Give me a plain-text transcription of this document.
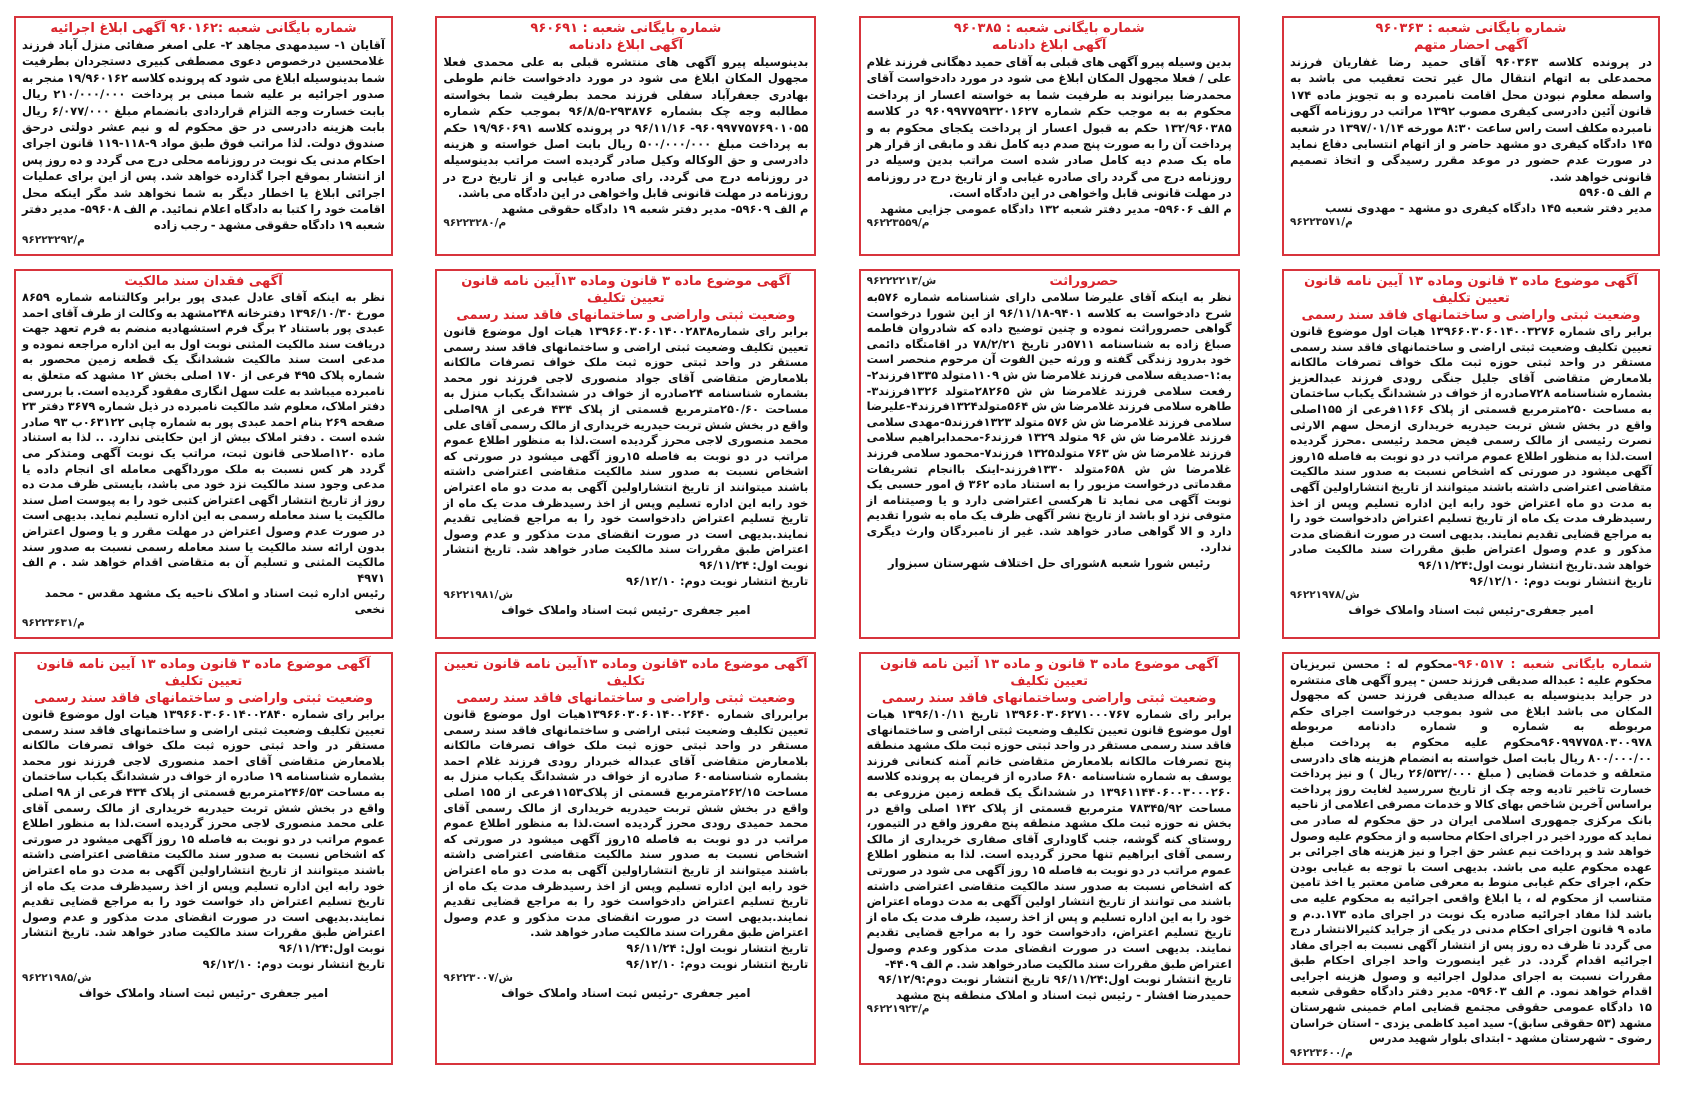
شماره بایگانی شعبه : ۹۶۰۳۶۳
آگهی احضار متهم

در پرونده کلاسه ۹۶۰۳۶۳ آقای حمید رضا غفاریان فرزند محمدعلی به اتهام انتقال مال غیر تحت تعقیب می باشد به واسطه معلوم نبودن محل اقامت نامبرده و به تجویز ماده ۱۷۴ قانون آئین دادرسی کیفری مصوب ۱۳۹۲ مراتب در روزنامه آگهی نامبرده مکلف است راس ساعت ۸:۳۰ مورخه ۱۳۹۷/۰۱/۱۴ در شعبه ۱۴۵ دادگاه کیفری دو مشهد حاضر و از اتهام انتسابی دفاع نماید در صورت عدم حضور در موعد مقرر رسیدگی و اتخاذ تصمیم قانونی خواهد شد.

م الف ۵۹۶۰۵
مدیر دفتر شعبه ۱۴۵ دادگاه کیفری دو مشهد - مهدوی نسب
م/۹۶۲۲۳۵۷۱
شماره بایگانی شعبه : ۹۶۰۳۸۵
آگهی ابلاغ دادنامه

بدین وسیله پیرو آگهی های قبلی به آقای حمید دهگانی فرزند غلام علی / فعلا مجهول المکان ابلاغ می شود در مورد دادخواست آقای محمدرضا بیرانوند به طرفیت شما به خواسته اعسار از پرداخت محکوم به به موجب حکم شماره ۹۶۰۹۹۷۷۵۹۳۲۰۱۶۲۷ در کلاسه ۱۳۲/۹۶۰۳۸۵ حکم به قبول اعسار از پرداخت یکجای محکوم به و پرداخت آن را به صورت پنج صدم دیه کامل نقد و مابقی از قرار هر ماه یک صدم دیه کامل صادر شده است مراتب بدین وسیله در روزنامه درج می گردد رای صادره غیابی و از تاریخ درج در روزنامه در مهلت قانونی قابل واخواهی در این دادگاه است.

م الف ۵۹۶۰۶- مدیر دفتر شعبه ۱۳۲ دادگاه عمومی جزایی مشهد
م/۹۶۲۲۳۵۵۹
شماره بایگانی شعبه : ۹۶۰۶۹۱
آگهی ابلاغ دادنامه

بدینوسیله پیرو آگهی های منتشره قبلی به علی محمدی فعلا مجهول المکان ابلاغ می شود در مورد دادخواست خانم طوطی بهادری جعفرآباد سفلی فرزند محمد بطرفیت شما بخواسته مطالبه وجه چک بشماره ۲۹۳۸۷۶-۹۶/۸/۵ بموجب حکم شماره ۹۶۰۹۹۷۷۵۷۶۹۰۱۰۵۵- ۹۶/۱۱/۱۶ در پرونده کلاسه ۱۹/۹۶۰۶۹۱ حکم به پرداخت مبلغ ۵۰۰/۰۰۰/۰۰۰ ریال بابت اصل خواسته و هزینه دادرسی و حق الوکاله وکیل صادر گردیده است مراتب بدینوسیله در روزنامه درج می گردد. رای صادره غیابی و از تاریخ درج در روزنامه در مهلت قانونی قابل واخواهی در این دادگاه می باشد.

م الف ۵۹۶۰۹- مدیر دفتر شعبه ۱۹ دادگاه حقوقی مشهد
م/۹۶۲۲۳۲۸۰
شماره بایگانی شعبه :۹۶۰۱۶۲ آگهی ابلاغ اجرائیه

آقایان ۱- سیدمهدی مجاهد ۲- علی اصغر صفائی منزل آباد فرزند غلامحسین درخصوص دعوی مصطفی کبیری دستجردان بطرفیت شما بدینوسیله ابلاغ می شود که پرونده کلاسه ۱۹/۹۶۰۱۶۲ منجر به صدور اجرائیه بر علیه شما مبنی بر پرداخت ۲۱۰/۰۰۰/۰۰۰ ریال بابت خسارت وجه التزام قراردادی بانضمام مبلغ ۶/۰۷۷/۰۰۰ ریال بابت هزینه دادرسی در حق محکوم له و نیم عشر دولتی درحق صندوق دولت. لذا مراتب فوق طبق مواد ۹-۱۱۸-۱۱۹ قانون اجرای احکام مدنی یک نوبت در روزنامه محلی درج می گردد و ده روز پس از انتشار بموقع اجرا گذارده خواهد شد. پس از این برای عملیات اجرائی ابلاغ یا اخطار دیگر به شما نخواهد شد مگر اینکه محل اقامت خود را کتبا به دادگاه اعلام نمائید. م الف ۵۹۶۰۸- مدیر دفتر شعبه ۱۹ دادگاه حقوقی مشهد - رجب زاده

م/۹۶۲۲۳۲۹۲
آگهی موضوع ماده ۳ قانون وماده ۱۳ آیین نامه قانون تعیین تکلیف
وضعیت ثبتی واراضی و ساختمانهای فاقد سند رسمی

برابر رای شماره ۱۳۹۶۶۰۳۰۶۰۱۴۰۰۳۲۷۶ هیات اول موضوع قانون تعیین تکلیف وضعیت ثبتی اراضی و ساختمانهای فاقد سند رسمی مستقر در واحد ثبتی حوزه ثبت ملک خواف تصرفات مالکانه بلامعارض متقاضی آقای جلیل جنگی رودی فرزند عبدالعزیز بشماره شناسنامه ۷۲۸صادره از خواف در ششدانگ یکباب ساختمان به مساحت ۲۵۰مترمربع قسمتی از پلاک ۱۱۶۶فرعی از ۱۵۵اصلی واقع در بخش شش تربت حیدریه خریداری ازمحل سهم الارثی نصرت رئیسی از مالک رسمی فیض محمد رئیسی .محرز گردیده است.لذا به منظور اطلاع عموم مراتب در دو نوبت به فاصله ۱۵روز آگهی میشود در صورتی که اشخاص نسبت به صدور سند مالکیت متقاضی اعتراضی داشته باشند میتوانند از تاریخ انتشاراولین آگهی به مدت دو ماه اعتراض خود رابه این اداره تسلیم وپس از اخذ رسیدظرف مدت یک ماه از تاریخ تسلیم اعتراض دادخواست خود را به مراجع قضایی تقدیم نمایند. بدیهی است در صورت انقضای مدت مذکور و عدم وصول اعتراض طبق مقررات سند مالکیت صادر خواهد شد.تاریخ انتشار نوبت اول:۹۶/۱۱/۲۴

تاریخ انتشار نوبت دوم: ۹۶/۱۲/۱۰
ش/۹۶۲۲۱۹۷۸
امیر جعفری-رئیس ثبت اسناد واملاک خواف
ش/۹۶۲۲۲۲۱۳	حصروراثت

نظر به اینکه آقای علیرضا سلامی دارای شناسنامه شماره ۵۷۶به شرح دادخواست به کلاسه ۹۴۰۱-۹۶/۱۱/۱۸ از این شورا درخواست گواهی حصروراثت نموده و چنین توضیح داده که شادروان فاطمه صباغ زاده به شناسنامه ۵۷۱۱در تاریخ ۷۸/۲/۲۱ در اقامتگاه دائمی خود بدرود زندگی گفته و ورثه حین الفوت آن مرحوم منحصر است به:۱-صدیقه سلامی فرزند غلامرضا ش ش ۱۱۰۹متولد ۱۳۳۵فرزند۲-رفعت سلامی فرزند غلامرضا ش ش ۲۸۲۶۵متولد ۱۳۲۶فرزند۳-طاهره سلامی فرزند غلامرضا ش ش ۵۶۴متولد۱۳۲۴فرزند۴-علیرضا سلامی فرزند غلامرضا ش ش ۵۷۶ متولد ۱۳۲۳فرزند۵-مهدی سلامی فرزند غلامرضا ش ش ۹۶ متولد ۱۳۲۹ فرزند۶-محمدابراهیم سلامی فرزند غلامرضا ش ش ۷۶۳ متولد۱۳۲۵ فرزند۷-محمود سلامی فرزند غلامرضا ش ش ۶۵۸متولد ۱۳۳۰فرزند-اینک باانجام تشریفات مقدماتی درخواست مزبور را به استناد ماده ۳۶۲ ق امور حسبی یک نوبت آگهی می نماید تا هرکسی اعتراضی دارد و یا وصیتنامه از متوفی نزد او باشد از تاریخ نشر آگهی ظرف یک ماه به شورا تقدیم دارد و الا گواهی صادر خواهد شد. غیر از نامبردگان وارث دیگری ندارد.

رئیس شورا شعبه ۸شورای حل اختلاف شهرستان سبزوار
آگهی موضوع ماده ۳ قانون وماده ۱۳آیین نامه قانون تعیین تکلیف
وضعیت ثبتی واراضی و ساختمانهای فاقد سند رسمی

برابر رای شماره۱۳۹۶۶۰۳۰۶۰۱۴۰۰۲۸۳۸ هیات اول موضوع قانون تعیین تکلیف وضعیت ثبتی اراضی و ساختمانهای فاقد سند رسمی مستقر در واحد ثبتی حوزه ثبت ملک خواف تصرفات مالکانه بلامعارض متقاضی آقای جواد منصوری لاجی فرزند نور محمد بشماره شناسنامه ۲۴صادره از خواف در ششدانگ یکباب منزل به مساحت ۲۵۰/۶۰مترمربع قسمتی از پلاک ۴۳۴ فرعی از ۹۸اصلی واقع در بخش شش تربت حیدریه خریداری از مالک رسمی آقای علی محمد منصوری لاجی محرز گردیده است.لذا به منظور اطلاع عموم مراتب در دو نوبت به فاصله ۱۵روز آگهی میشود در صورتی که اشخاص نسبت به صدور سند مالکیت متقاضی اعتراضی داشته باشند میتوانند از تاریخ انتشاراولین آگهی به مدت دو ماه اعتراض خود رابه این اداره تسلیم وپس از اخذ رسیدظرف مدت یک ماه از تاریخ تسلیم اعتراض دادخواست خود را به مراجع قضایی تقدیم نمایند.بدیهی است در صورت انقضای مدت مذکور و عدم وصول اعتراض طبق مقررات سند مالکیت صادر خواهد شد. تاریخ انتشار نوبت اول: ۹۶/۱۱/۲۴

تاریخ انتشار نوبت دوم: ۹۶/۱۲/۱۰
ش/۹۶۲۲۱۹۸۱
امیر جعفری -رئیس ثبت اسناد واملاک خواف
آگهی فقدان سند مالکیت

نظر به اینکه آقای عادل عبدی پور برابر وکالتنامه شماره ۸۶۵۹ مورخ ۱۳۹۶/۱۰/۳۰ دفترخانه ۲۴۸مشهد به وکالت از طرف آقای احمد عبدی پور باستناد ۲ برگ فرم استشهادیه منضم به فرم تعهد جهت دریافت سند مالکیت المثنی نوبت اول به این اداره مراجعه نموده و مدعی است سند مالکیت ششدانگ یک قطعه زمین محصور به شماره پلاک ۴۹۵ فرعی از ۱۷۰ اصلی بخش ۱۲ مشهد که متعلق به نامبرده میباشد به علت سهل انگاری مفقود گردیده است. با بررسی دفتر املاک، معلوم شد مالکیت نامبرده در ذیل شماره ۳۶۷۹ دفتر ۲۳ صفحه ۲۶۹ بنام احمد عبدی پور به شماره چاپی ۰۶۳۱۲۲ب ۹۳ صادر شده است . دفتر املاک بیش از این حکایتی ندارد. .. لذا به استناد ماده ۱۲۰اصلاحی قانون ثبت، مراتب یک نوبت آگهی ومتذکر می گردد هر کس نسبت به ملک مورداگهی معامله ای انجام داده یا مدعی وجود سند مالکیت نزد خود می باشد، بایستی ظرف مدت ده روز از تاریخ انتشار اگهی اعتراض کتبی خود را به پیوست اصل سند مالکیت یا سند معامله رسمی به این اداره تسلیم نماید. بدیهی است در صورت عدم وصول اعتراض در مهلت مقرر و یا وصول اعتراض بدون ارائه سند مالکیت یا سند معامله رسمی نسبت به صدور سند مالکیت المثنی و تسلیم آن به متقاضی اقدام خواهد شد . م الف ۴۹۷۱

رئیس اداره ثبت اسناد و املاک ناحیه یک مشهد مقدس - محمد نخعی
م/۹۶۲۲۳۶۳۱

شماره بایگانی شعبه : ۹۶۰۵۱۷-محکوم له : محسن تبریزیان محکوم علیه : عبداله صدیقی فرزند حسن - پیرو آگهی های منتشره در جراید بدینوسیله به عبداله صدیقی فرزند حسن که مجهول المکان می باشد ابلاغ می شود بموجب درخواست اجرای حکم مربوطه به شماره و شماره دادنامه مربوطه ۹۶۰۹۹۷۷۵۸۰۳۰۰۹۷۸محکوم علیه محکوم به پرداخت مبلغ ۸۰۰/۰۰۰/۰۰ ریال بابت اصل خواسته به انضمام هزینه های دادرسی متعلقه و خدمات قضایی ( مبلغ ۲۶/۵۳۲/۰۰۰ ریال ) و نیز پرداخت خسارت تاخیر تادیه وجه چک از تاریخ سررسید لغایت روز پرداخت براساس آخرین شاخص بهای کالا و خدمات مصرفی اعلامی از ناحیه بانک مرکزی جمهوری اسلامی ایران در حق محکوم له صادر می نماید که مورد اخیر در اجرای احکام محاسبه و از محکوم علیه وصول خواهد شد و پرداخت نیم عشر حق اجرا و نیز هزینه های اجرائی بر عهده محکوم علیه می باشد. بدیهی است با توجه به غیابی بودن حکم، اجرای حکم غیابی منوط به معرفی ضامن معتبر یا اخذ تامین متناسب از محکوم له ، یا ابلاغ واقعی اجرائیه به محکوم علیه می باشد لذا مفاد اجرائیه صادره یک نوبت در اجرای ماده ۱۷۳.د.م و ماده ۹ قانون اجرای احکام مدنی در یکی از جراید کثیرالانتشار درج می گردد تا ظرف ده روز پس از انتشار آگهی نسبت به اجرای مفاد اجرائیه اقدام گردد. در غیر اینصورت واحد اجرای احکام طبق مقررات نسبت به اجرای مدلول اجرائیه و وصول هزینه اجرایی اقدام خواهد نمود. م الف ۵۹۶۰۳- مدیر دفتر دادگاه حقوقی شعبه ۱۵ دادگاه عمومی حقوقی مجتمع قضایی امام خمینی شهرستان مشهد (۵۳ حقوقی سابق)- سید امید کاظمی یزدی - استان خراسان رضوی - شهرستان مشهد - ابتدای بلوار شهید مدرس

م/۹۶۲۲۳۶۰۰
آگهی موضوع ماده ۳ قانون و ماده ۱۳ آئین نامه قانون تعیین تکلیف
وضعیت ثبتی واراضی وساختمانهای فاقد سند رسمی

برابر رای شماره ۱۳۹۶۶۰۳۰۶۲۷۱۰۰۰۷۶۷ تاریخ ۱۳۹۶/۱۰/۱۱ هیات اول موضوع قانون تعیین تکلیف وضعیت ثبتی اراضی و ساختمانهای فاقد سند رسمی مستقر در واحد ثبتی حوزه ثبت ملک مشهد منطقه پنج تصرفات مالکانه بلامعارض متقاضی خانم آمنه کنعانی فرزند یوسف به شماره شناسنامه ۶۸۰ صادره از فریمان به پرونده کلاسه ۱۳۹۶۱۱۴۴۰۶۰۰۳۰۰۰۲۶۰ در ششدانگ یک قطعه زمین مزروعی به مساحت ۷۸۳۴۵/۹۲ مترمربع قسمتی از پلاک ۱۴۲ اصلی واقع در بخش نه حوزه ثبت ملک مشهد منطقه پنج مفروز واقع در التیمور، روستای کنه گوشه، جنب گاوداری آقای صفاری خریداری از مالک رسمی آقای ابراهیم تنها محرز گردیده است. لذا به منظور اطلاع عموم مراتب در دو نوبت به فاصله ۱۵ روز آگهی می شود در صورتی که اشخاص نسبت به صدور سند مالکیت متقاضی اعتراضی داشته باشند می توانند از تاریخ انتشار اولین آگهی به مدت دوماه اعتراض خود را به این اداره تسلیم و پس از اخذ رسید، ظرف مدت یک ماه از تاریخ تسلیم اعتراض، دادخواست خود را به مراجع قضایی تقدیم نمایند. بدیهی است در صورت انقضای مدت مذکور وعدم وصول اعتراض طبق مقررات سند مالکیت صادرخواهد شد. م الف ۴۴۰۹-

تاریخ انتشار نوبت اول:۹۶/۱۱/۲۴ تاریخ انتشار نوبت دوم:۹۶/۱۲/۹
حمیدرضا افشار - رئیس ثبت اسناد و املاک منطقه پنج مشهد
م/۹۶۲۲۱۹۲۳
آگهی موضوع ماده ۳قانون وماده ۱۳آیین نامه قانون تعیین تکلیف
وضعیت ثبتی واراضی و ساختمانهای فاقد سند رسمی

برابررای شماره ۱۳۹۶۶۰۳۰۶۰۱۴۰۰۲۶۴۰هیات اول موضوع قانون تعیین تکلیف وضعیت ثبتی اراضی و ساختمانهای فاقد سند رسمی مستقر در واحد ثبتی حوزه ثبت ملک خواف تصرفات مالکانه بلامعارض متقاضی آقای عبداله خبردار رودی فرزند غلام احمد بشماره شناسنامه۶۰ صادره از خواف در ششدانگ یکباب منزل به مساحت ۲۶۲/۱۵مترمربع قسمتی از پلاک۱۱۵۳فرعی از ۱۵۵ اصلی واقع در بخش شش تربت حیدریه خریداری از مالک رسمی آقای محمد حمیدی رودی محرز گردیده است.لذا به منظور اطلاع عموم مراتب در دو نوبت به فاصله ۱۵روز آگهی میشود در صورتی که اشخاص نسبت به صدور سند مالکیت متقاضی اعتراضی داشته باشند میتوانند از تاریخ انتشاراولین آگهی به مدت دو ماه اعتراض خود رابه این اداره تسلیم وپس از اخذ رسیدظرف مدت یک ماه از تاریخ تسلیم اعتراض دادخواست خود را به مراجع قضایی تقدیم نمایند.بدیهی است در صورت انقضای مدت مذکور و عدم وصول اعتراض طبق مقررات سند مالکیت صادر خواهد شد.

تاریخ انتشار نوبت اول: ۹۶/۱۱/۲۴
تاریخ انتشار نوبت دوم: ۹۶/۱۲/۱۰
ش/۹۶۲۲۳۰۰۷
امیر جعفری -رئیس ثبت اسناد واملاک خواف
آگهی موضوع ماده ۳ قانون وماده ۱۳ آیین نامه قانون تعیین تکلیف
وضعیت ثبتی واراضی و ساختمانهای فاقد سند رسمی

برابر رای شماره ۱۳۹۶۶۰۳۰۶۰۱۴۰۰۲۸۴۰ هیات اول موضوع قانون تعیین تکلیف وضعیت ثبتی اراضی و ساختمانهای فاقد سند رسمی مستقر در واحد ثبتی حوزه ثبت ملک خواف تصرفات مالکانه بلامعارض متقاضی آقای احمد منصوری لاجی فرزند نور محمد بشماره شناسنامه ۱۹ صادره از خواف در ششدانگ یکباب ساختمان به مساحت ۲۴۶/۵۳مترمربع قسمتی از پلاک ۴۳۴ فرعی از ۹۸ اصلی واقع در بخش شش تربت حیدریه خریداری از مالک رسمی آقای علی محمد منصوری لاجی محرز گردیده است.لذا به منظور اطلاع عموم مراتب در دو نوبت به فاصله ۱۵ روز آگهی میشود در صورتی که اشخاص نسبت به صدور سند مالکیت متقاضی اعتراضی داشته باشند میتوانند از تاریخ انتشاراولین آگهی به مدت دو ماه اعتراض خود رابه این اداره تسلیم وپس از اخذ رسیدظرف مدت یک ماه از تاریخ تسلیم اعتراض داد خواست خود را به مراجع قضایی تقدیم نمایند.بدیهی است در صورت انقضای مدت مذکور و عدم وصول اعتراض طبق مقررات سند مالکیت صادر خواهد شد. تاریخ انتشار نوبت اول:۹۶/۱۱/۲۴

تاریخ انتشار نوبت دوم: ۹۶/۱۲/۱۰
ش/۹۶۲۲۱۹۸۵
امیر جعفری -رئیس ثبت اسناد واملاک خواف
